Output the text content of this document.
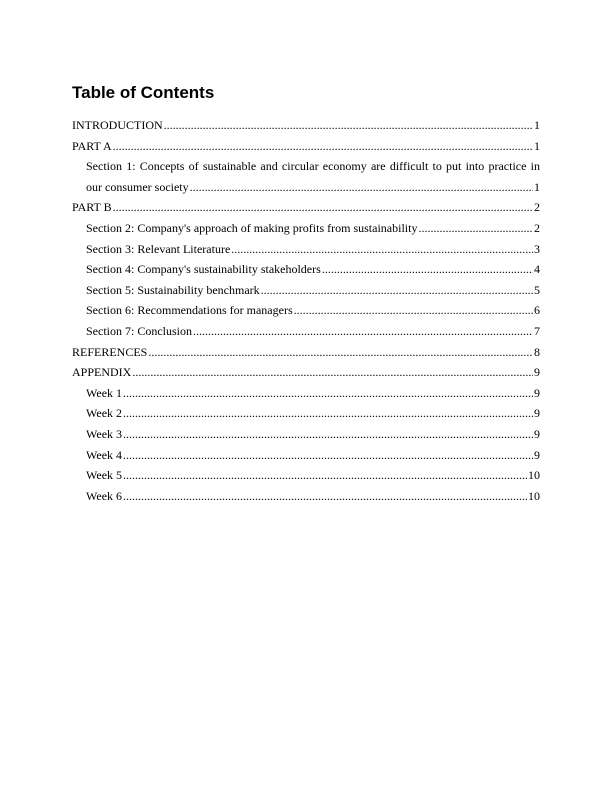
Table of Contents
INTRODUCTION .....	1
PART A .....	1
Section 1: Concepts of sustainable and circular economy are difficult to put into practice in
our consumer society .....	1
PART B .....	2
Section 2: Company's approach of making profits from sustainability .....	2
Section 3: Relevant Literature .....	3
Section 4: Company's sustainability stakeholders .....	4
Section 5: Sustainability benchmark .....	5
Section 6: Recommendations for managers .....	6
Section 7: Conclusion .....	7
REFERENCES .....	8
APPENDIX .....	9
Week 1 .....	9
Week 2 .....	9
Week 3 .....	9
Week 4 .....	9
Week 5 .....	10
Week 6 .....	10
